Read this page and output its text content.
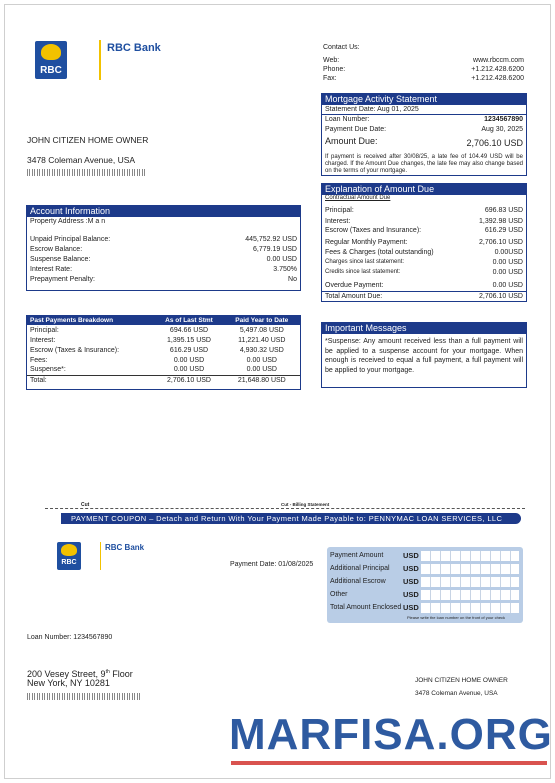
RBC
RBC Bank	Contact Us:
Web:	www.rbccm.com
Phone:	+1.212.428.6200
Fax:	+1.212.428.6200
JOHN CITIZEN HOME OWNER
3478 Coleman Avenue, USA
Mortgage Activity Statement
Statement Date: Aug 01, 2025
Loan Number:	1234567890
Payment Due Date:	Aug 30, 2025
Amount Due:	2,706.10 USD
If payment is received after 30/08/25, a late fee of 104.49 USD will be charged. If the Amount Due changes, the late fee may also change based on the terms of your mortgage.
Account Information
Property Address :M a n
Unpaid Principal Balance:	445,752.92 USD
Escrow Balance:	6,779.19 USD
Suspense Balance:	0.00 USD
Interest Rate:	3.750%
Prepayment Penalty:	No
Explanation of Amount Due
Contractual Amount Due
Principal:	696.83 USD
Interest:	1,392.98 USD
Escrow (Taxes and Insurance):	616.29 USD
Regular Monthly Payment:	2,706.10 USD
Fees & Charges (total outstanding)	0.00USD
Charges since last statement:	0.00 USD
Credits since last statement:	0.00 USD
Overdue Payment:	0.00 USD
Total Amount Due:	2,706.10 USD
Past Payments Breakdown	As of Last Stmt	Paid Year to Date
Principal:	694.66 USD	5,497.08 USD
Interest:	1,395.15 USD	11,221.40 USD
Escrow (Taxes & Insurance):	616.29 USD	4,930.32 USD
Fees:	0.00 USD	0.00 USD
Suspense*:	0.00 USD	0.00 USD
Total:	2,706.10 USD	21,648.80 USD
Important Messages
*Suspense: Any amount received less than a full payment will be applied to a suspense account for your mortgage. When enough is received to equal a full payment, a full payment will be applied to your mortgage.
Cut	Cut - Billing Statement
PAYMENT COUPON – Detach and Return With Your Payment Made Payable to: PENNYMAC LOAN SERVICES, LLC
RBC
RBC Bank
Payment Date: 01/08/2025
Payment Amount	USD
Additional Principal USD
Additional Escrow USD
Other	USD
Total Amount Enclosed USD
Please write the loan number on the front of your check
Loan Number: 1234567890
200 Vesey Street, 9th Floor
New York, NY 10281	JOHN CITIZEN HOME OWNER
3478 Coleman Avenue, USA
MARFISA.ORG
